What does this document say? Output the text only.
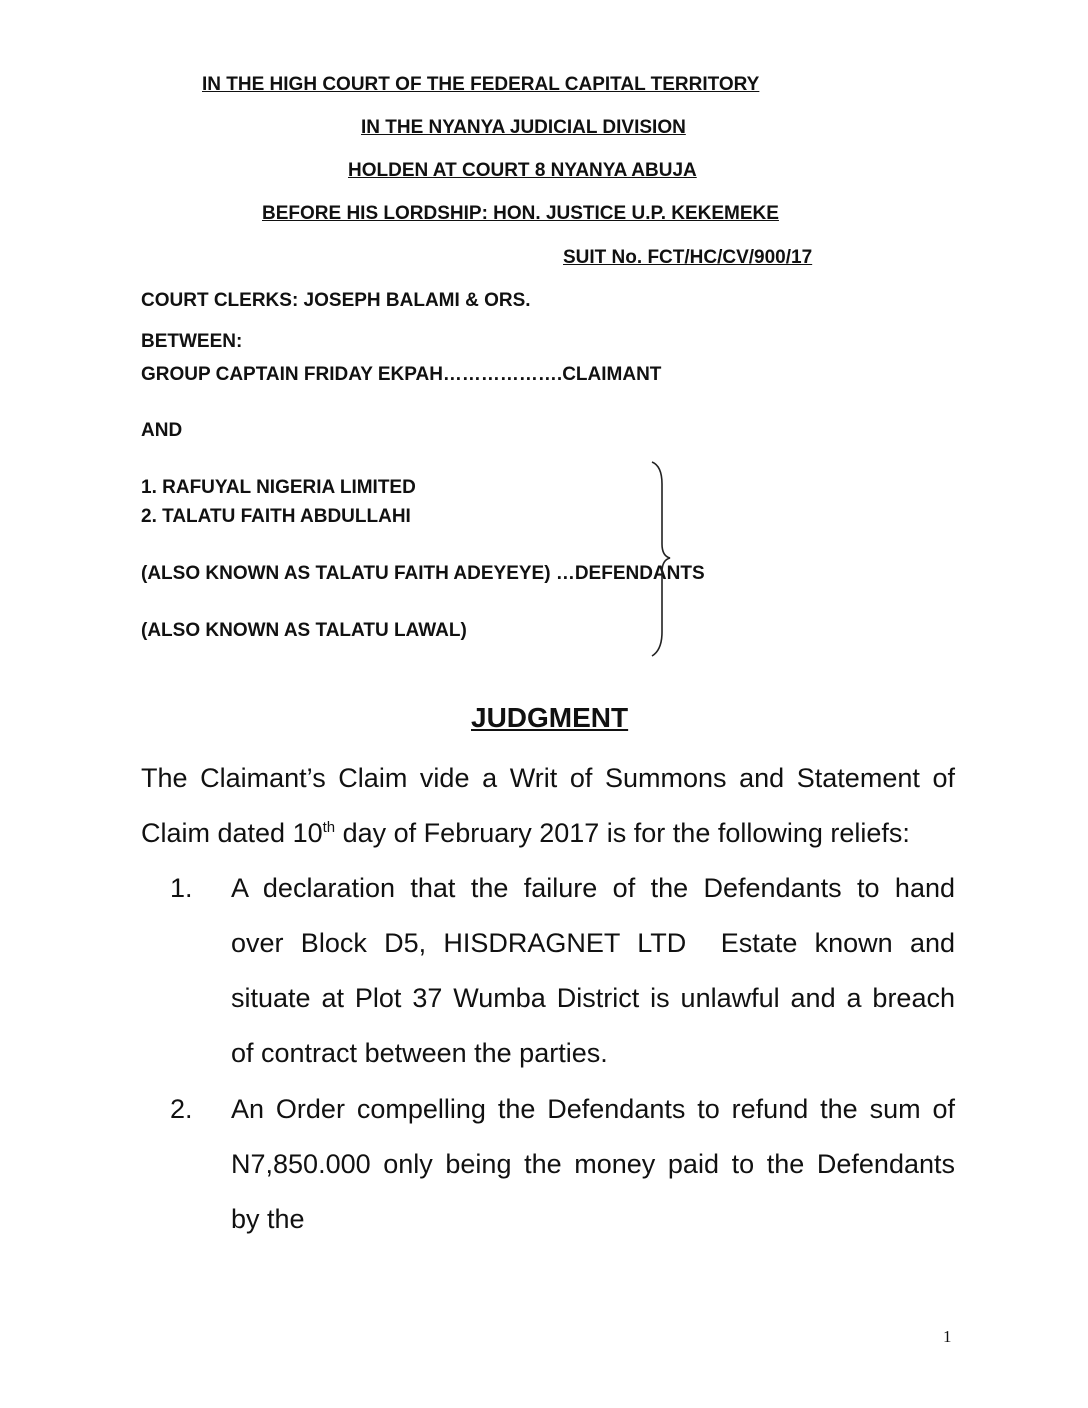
IN THE HIGH COURT OF THE FEDERAL CAPITAL TERRITORY
IN THE NYANYA JUDICIAL DIVISION
HOLDEN AT COURT 8 NYANYA ABUJA
BEFORE HIS LORDSHIP: HON. JUSTICE U.P. KEKEMEKE
SUIT No. FCT/HC/CV/900/17
COURT CLERKS: JOSEPH BALAMI & ORS.
BETWEEN:
GROUP CAPTAIN FRIDAY EKPAH……………….CLAIMANT
AND
1. RAFUYAL NIGERIA LIMITED
2. TALATU FAITH ABDULLAHI
(ALSO KNOWN AS TALATU FAITH ADEYEYE) …DEFENDANTS
(ALSO KNOWN AS TALATU LAWAL)
JUDGMENT
The Claimant’s Claim vide a Writ of Summons and Statement of
Claim dated 10th day of February 2017 is for the following reliefs:
1. A declaration that the failure of the Defendants to hand
over Block D5, HISDRAGNET LTD  Estate known and
situate at Plot 37 Wumba District is unlawful and a breach
of contract between the parties.
2. An Order compelling the Defendants to refund the sum of
N7,850.000 only being the money paid to the Defendants
by the
1
